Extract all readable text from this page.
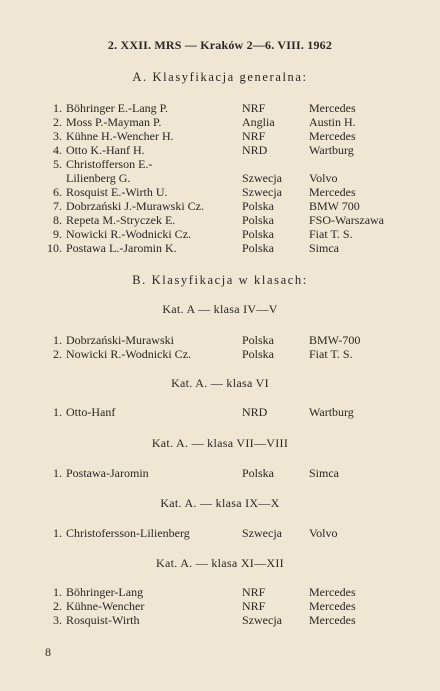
2. XXII. MRS — Kraków 2—6. VIII. 1962
A. Klasyfikacja generalna:
1. Böhringer E.-Lang P.	NRF	Mercedes
2. Moss P.-Mayman P.	Anglia	Austin H.
3. Kühne H.-Wencher H.	NRF	Mercedes
4. Otto K.-Hanf H.	NRD	Wartburg
5. Christofferson E.-
Lilienberg G.	Szwecja Volvo
6. Rosquist E.-Wirth U.	Szwecja Mercedes
7. Dobrzański J.-Murawski Cz.	Polska	BMW 700
8. Repeta M.-Stryczek E.	Polska	FSO-Warszawa
9. Nowicki R.-Wodnicki Cz.	Polska	Fiat T. S.
10. Postawa L.-Jaromin K.	Polska	Simca
B. Klasyfikacja w klasach:
Kat. A — klasa IV—V
1. Dobrzański-Murawski	Polska	BMW-700
2. Nowicki R.-Wodnicki Cz.	Polska	Fiat T. S.
Kat. A. — klasa VI
1. Otto-Hanf	NRD	Wartburg
Kat. A. — klasa VII—VIII
1. Postawa-Jaromin	Polska	Simca
Kat. A. — klasa IX—X
1. Christofersson-Lilienberg	Szwecja Volvo
Kat. A. — klasa XI—XII
1. Böhringer-Lang	NRF	Mercedes
2. Kühne-Wencher	NRF	Mercedes
3. Rosquist-Wirth	Szwecja Mercedes
8
